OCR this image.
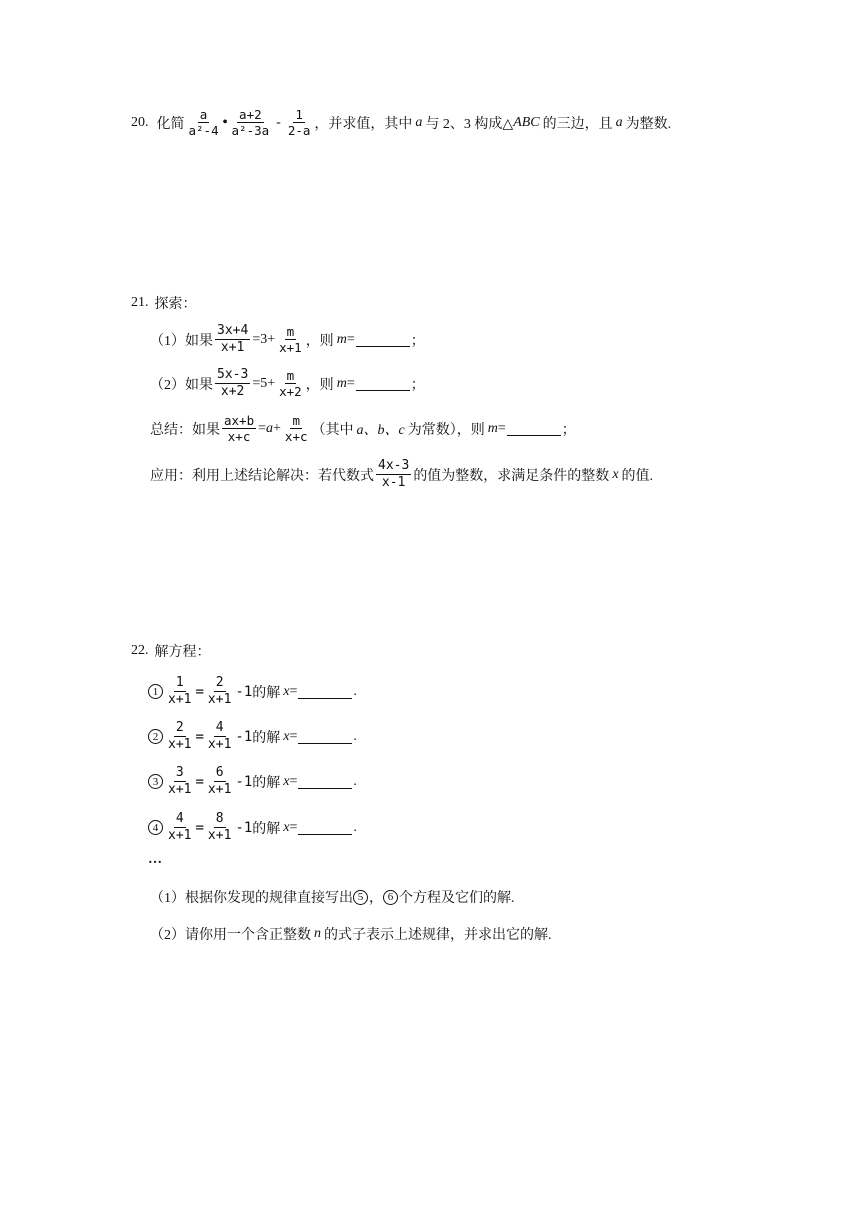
20. 化简 $\frac{a}{\text{a²-4}}$ • $\frac{a+2}{\text{a²-3a}} - \frac{1}{2-a}$ ，并求值，其中 a 与 2、3 构成△ ABC 的三边，且 a 为整数.
21. 探索：
（1）如果 $\frac{3x+4}{x+1} =3+ \frac{m}{x+1}$ ，则 m =	；
（2）如果 $\frac{5x-3}{x+2} =5+ \frac{m}{x+2}$ ，则 m =	；
总结：如果 $\frac{ax+b}{x+c} = a + \frac{m}{x+c}$ （其中 a、b、c 为常数），则 m =	；
应用：利用上述结论解决：若代数式 $\frac{4x-3}{x-1}$ 的值为整数，求满足条件的整数 x 的值.
22. 解方程：
$1 \frac{1}{x+1} = \frac{2}{x+1} -1$ 的解 x =	.
$2 \frac{2}{x+1} = \frac{4}{x+1} -1$ 的解 x =	.
$3 \frac{3}{x+1} = \frac{6}{x+1} -1$ 的解 x =	.
$4 \frac{4}{x+1} = \frac{8}{x+1} -1$ 的解 x =	.
…
（1）根据你发现的规律直接写出 5 ， 6 个方程及它们的解.
（2）请你用一个含正整数 n 的式子表示上述规律，并求出它的解.
